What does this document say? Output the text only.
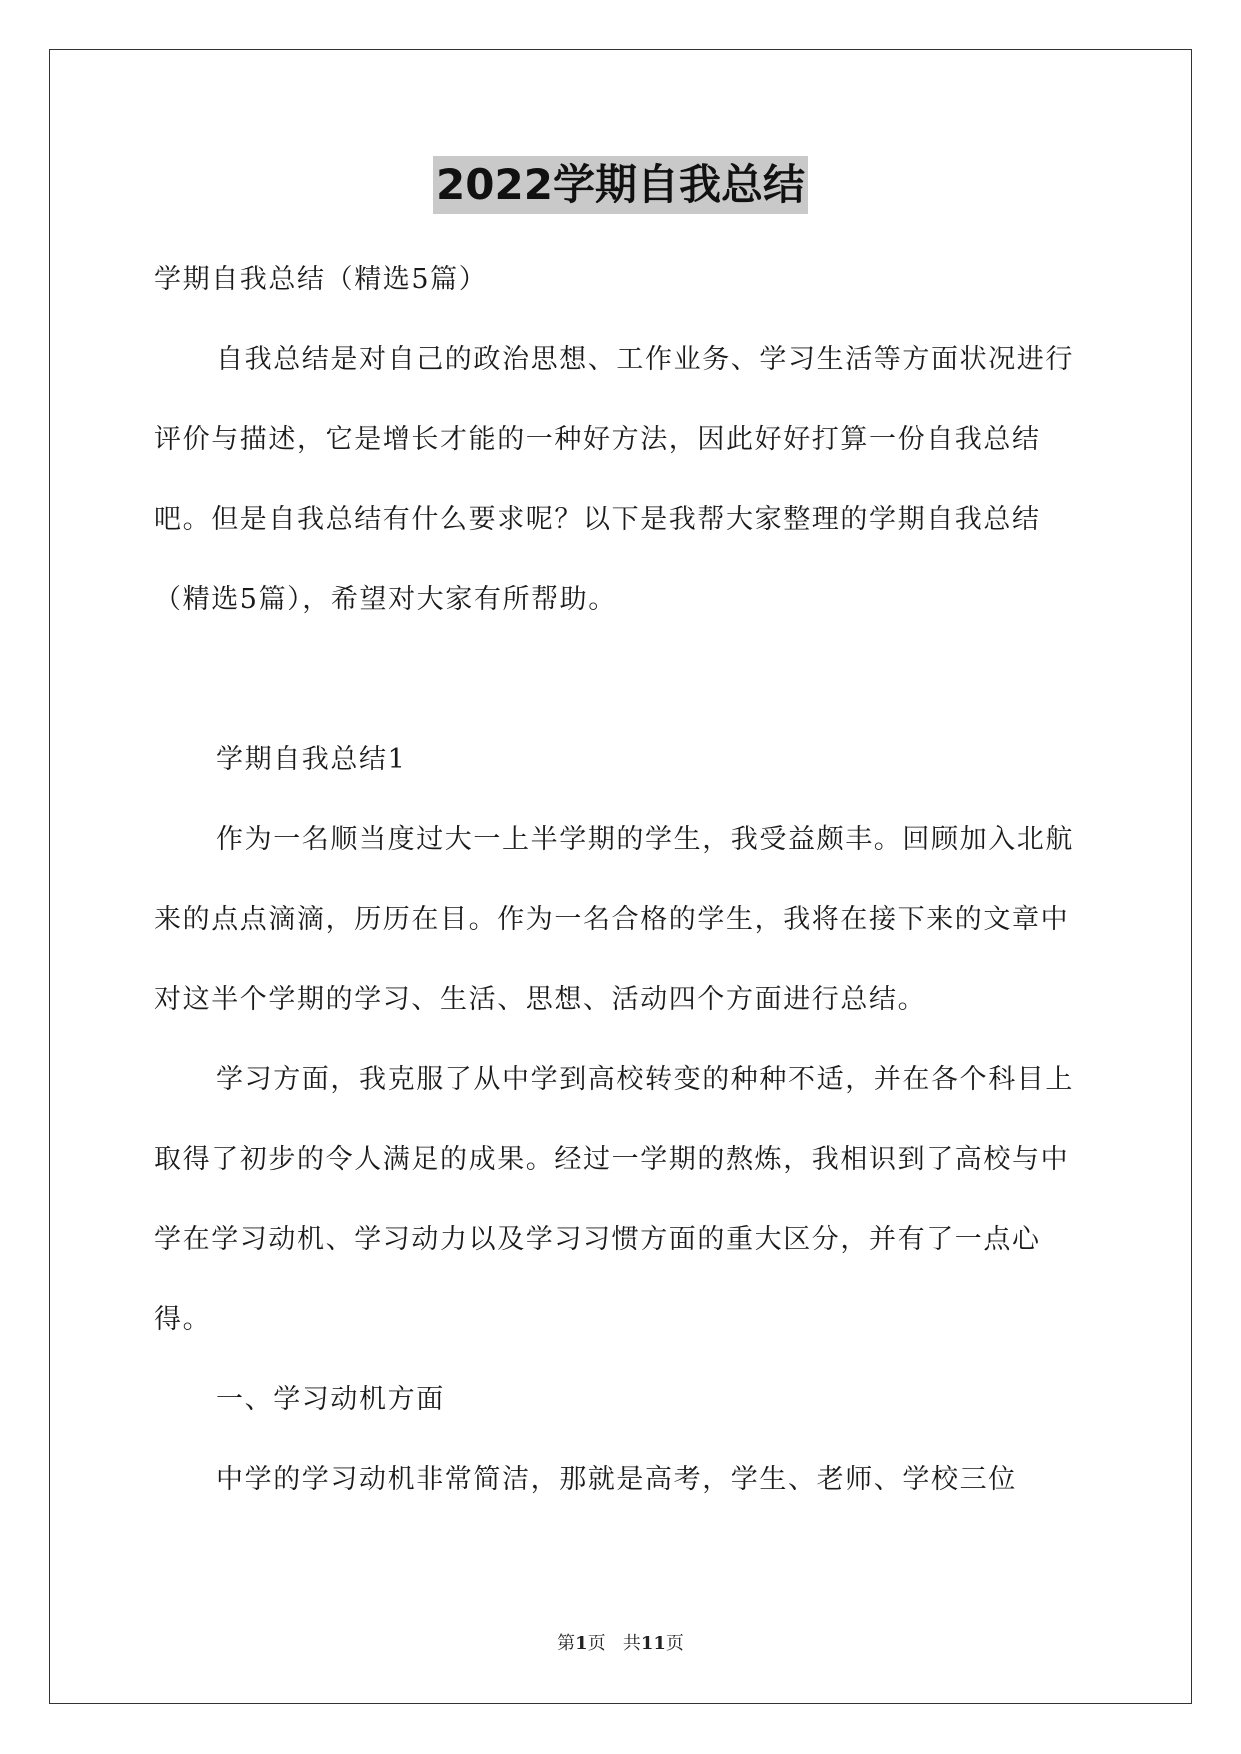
2022学期自我总结

学期自我总结（精选5篇）

自我总结是对自己的政治思想、工作业务、学习生活等方面状况进行评价与描述，它是增长才能的一种好方法，因此好好打算一份自我总结吧。但是自我总结有什么要求呢？以下是我帮大家整理的学期自我总结（精选5篇），希望对大家有所帮助。

学期自我总结1

作为一名顺当度过大一上半学期的学生，我受益颇丰。回顾加入北航来的点点滴滴，历历在目。作为一名合格的学生，我将在接下来的文章中对这半个学期的学习、生活、思想、活动四个方面进行总结。

学习方面，我克服了从中学到高校转变的种种不适，并在各个科目上取得了初步的令人满足的成果。经过一学期的熬炼，我相识到了高校与中学在学习动机、学习动力以及学习习惯方面的重大区分，并有了一点心得。

一、学习动机方面

中学的学习动机非常简洁，那就是高考，学生、老师、学校三位

第1页 共11页
